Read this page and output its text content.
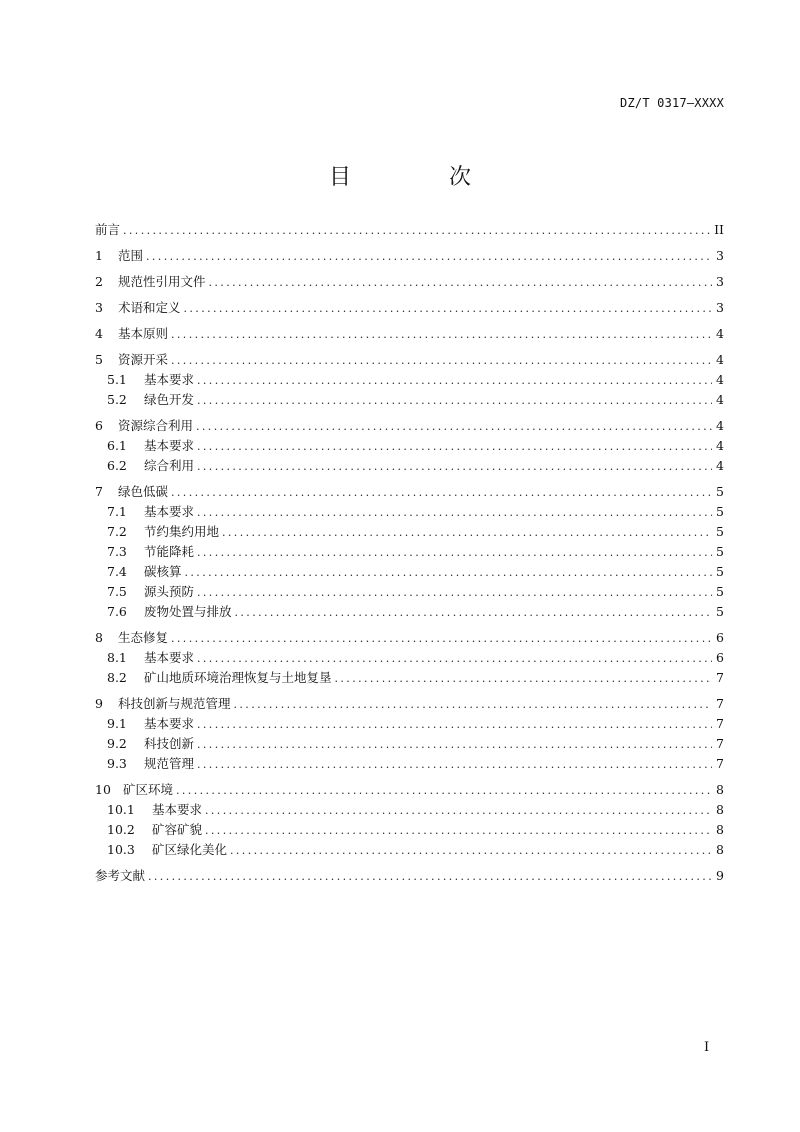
DZ/T 0317—XXXX
目　次
前言 .....	II
1	范围 .....	3
2	规范性引用文件 .....	3
3	术语和定义 .....	3
4	基本原则 .....	4
5	资源开采 .....	4
5.1	基本要求 .....	4
5.2	绿色开发 .....	4
6	资源综合利用 .....	4
6.1	基本要求 .....	4
6.2	综合利用 .....	4
7	绿色低碳 .....	5
7.1	基本要求 .....	5
7.2	节约集约用地 .....	5
7.3	节能降耗 .....	5
7.4	碳核算 .....	5
7.5	源头预防 .....	5
7.6	废物处置与排放 .....	5
8	生态修复 .....	6
8.1	基本要求 .....	6
8.2	矿山地质环境治理恢复与土地复垦 .....	7
9	科技创新与规范管理 .....	7
9.1	基本要求 .....	7
9.2	科技创新 .....	7
9.3	规范管理 .....	7
10 矿区环境 .....	8
10.1	基本要求 .....	8
10.2	矿容矿貌 .....	8
10.3	矿区绿化美化 .....	8
参考文献 .....	9
I
